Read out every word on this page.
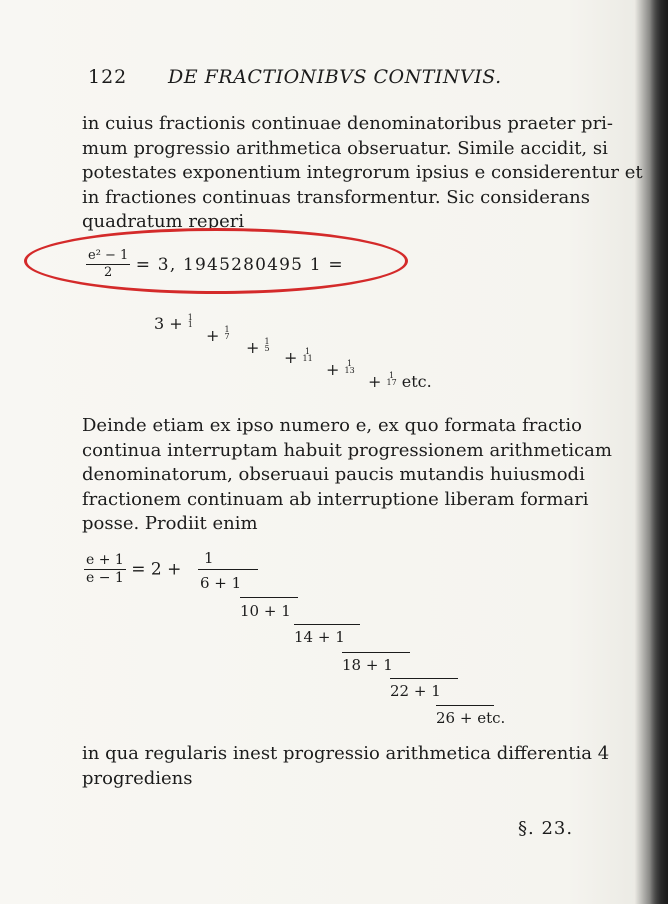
122 DE FRACTIONIBVS CONTINVIS.
in cuius fractionis continuae denominatoribus praeter pri-
mum progressio arithmetica obseruatur. Simile accidit, si
potestates exponentium integrorum ipsius e considerentur et
in fractiones continuas transformentur. Sic considerans
quadratum reperi
$\frac{\text{e² − 1}}{2} = 3$, 1945280495 1 =
3 + 1
1
+ 1
7
+ 1
5 + 1
11
+ 1
13
+ 1
17 etc.
Deinde etiam ex ipso numero e, ex quo formata fractio
continua interruptam habuit progressionem arithmeticam
denominatorum, obseruaui paucis mutandis huiusmodi
fractionem continuam ab interruptione liberam formari
posse. Prodiit enim
$\frac{e + 1}{e - 1} = 2$ +
1
6 + 1
10 + 1
14 + 1
18 + 1
22 + 1
26 + etc.
in qua regularis inest progressio arithmetica differentia 4
progrediens
§. 23.
